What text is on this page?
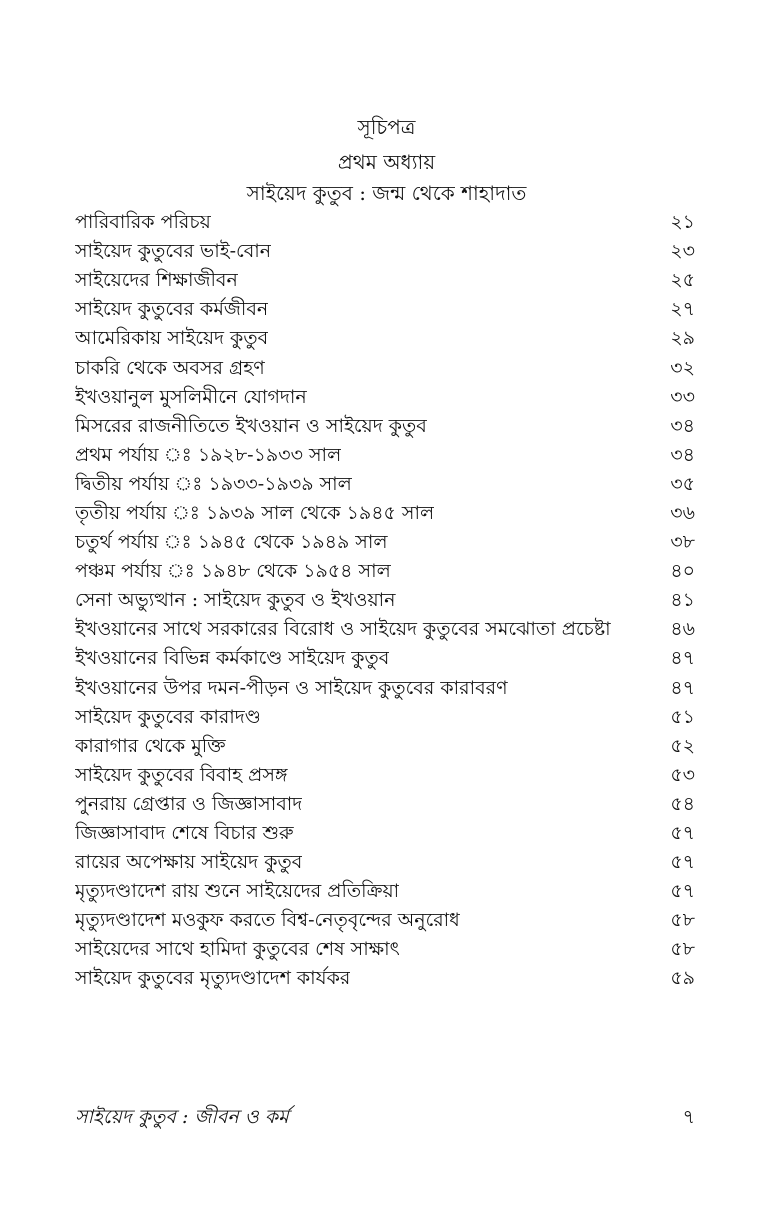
সূচিপত্র
প্রথম অধ্যায়
সাইয়েদ কুতুব : জন্ম থেকে শাহাদাত
পারিবারিক পরিচয়	২১
সাইয়েদ কুতুবের ভাই-বোন	২৩
সাইয়েদের শিক্ষাজীবন	২৫
সাইয়েদ কুতুবের কর্মজীবন	২৭
আমেরিকায় সাইয়েদ কুতুব	২৯
চাকরি থেকে অবসর গ্রহণ	৩২
ইখওয়ানুল মুসলিমীনে যোগদান	৩৩
মিসরের রাজনীতিতে ইখওয়ান ও সাইয়েদ কুতুব	৩৪
প্রথম পর্যায় ঃ ১৯২৮-১৯৩৩ সাল	৩৪
দ্বিতীয় পর্যায় ঃ ১৯৩৩-১৯৩৯ সাল	৩৫
তৃতীয় পর্যায় ঃ ১৯৩৯ সাল থেকে ১৯৪৫ সাল	৩৬
চতুর্থ পর্যায় ঃ ১৯৪৫ থেকে ১৯৪৯ সাল	৩৮
পঞ্চম পর্যায় ঃ ১৯৪৮ থেকে ১৯৫৪ সাল	৪০
সেনা অভ্যুত্থান : সাইয়েদ কুতুব ও ইখওয়ান	৪১
ইখওয়ানের সাথে সরকারের বিরোধ ও সাইয়েদ কুতুবের সমঝোতা প্রচেষ্টা	৪৬
ইখওয়ানের বিভিন্ন কর্মকাণ্ডে সাইয়েদ কুতুব	৪৭
ইখওয়ানের উপর দমন-পীড়ন ও সাইয়েদ কুতুবের কারাবরণ	৪৭
সাইয়েদ কুতুবের কারাদণ্ড	৫১
কারাগার থেকে মুক্তি	৫২
সাইয়েদ কুতুবের বিবাহ প্রসঙ্গ	৫৩
পুনরায় গ্রেপ্তার ও জিজ্ঞাসাবাদ	৫৪
জিজ্ঞাসাবাদ শেষে বিচার শুরু	৫৭
রায়ের অপেক্ষায় সাইয়েদ কুতুব	৫৭
মৃত্যুদণ্ডাদেশ রায় শুনে সাইয়েদের প্রতিক্রিয়া	৫৭
মৃত্যুদণ্ডাদেশ মওকুফ করতে বিশ্ব-নেতৃবৃন্দের অনুরোধ	৫৮
সাইয়েদের সাথে হামিদা কুতুবের শেষ সাক্ষাৎ	৫৮
সাইয়েদ কুতুবের মৃত্যুদণ্ডাদেশ কার্যকর	৫৯
সাইয়েদ কুতুব : জীবন ও কর্ম	৭
